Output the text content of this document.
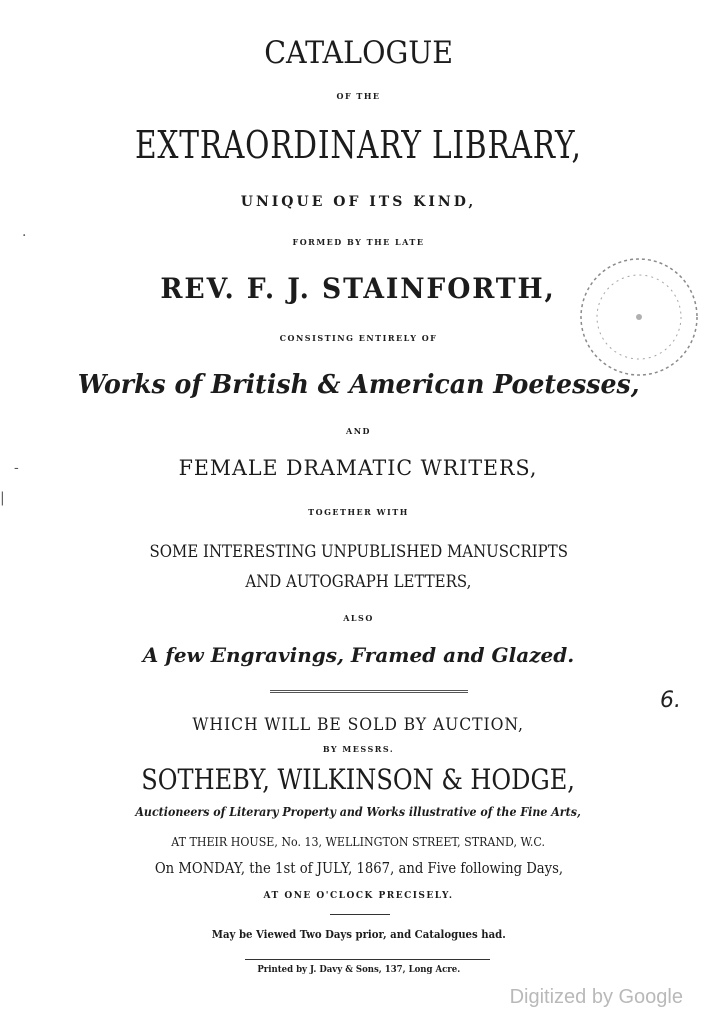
CATALOGUE
OF THE
EXTRAORDINARY LIBRARY,
UNIQUE OF ITS KIND,
FORMED BY THE LATE
REV. F. J. STAINFORTH,
CONSISTING ENTIRELY OF
Works of British & American Poetesses,
AND
FEMALE DRAMATIC WRITERS,
TOGETHER WITH
SOME INTERESTING UNPUBLISHED MANUSCRIPTS
AND AUTOGRAPH LETTERS,
ALSO
A few Engravings, Framed and Glazed.
WHICH WILL BE SOLD BY AUCTION,
BY MESSRS.
SOTHEBY, WILKINSON & HODGE,
Auctioneers of Literary Property and Works illustrative of the Fine Arts,
AT THEIR HOUSE, No. 13, WELLINGTON STREET, STRAND, W.C.
On MONDAY, the 1st of JULY, 1867, and Five following Days,
AT ONE O'CLOCK PRECISELY.
May be Viewed Two Days prior, and Catalogues had.
Printed by J. Davy & Sons, 137, Long Acre.
·
-
|
6.
Digitized by Google
